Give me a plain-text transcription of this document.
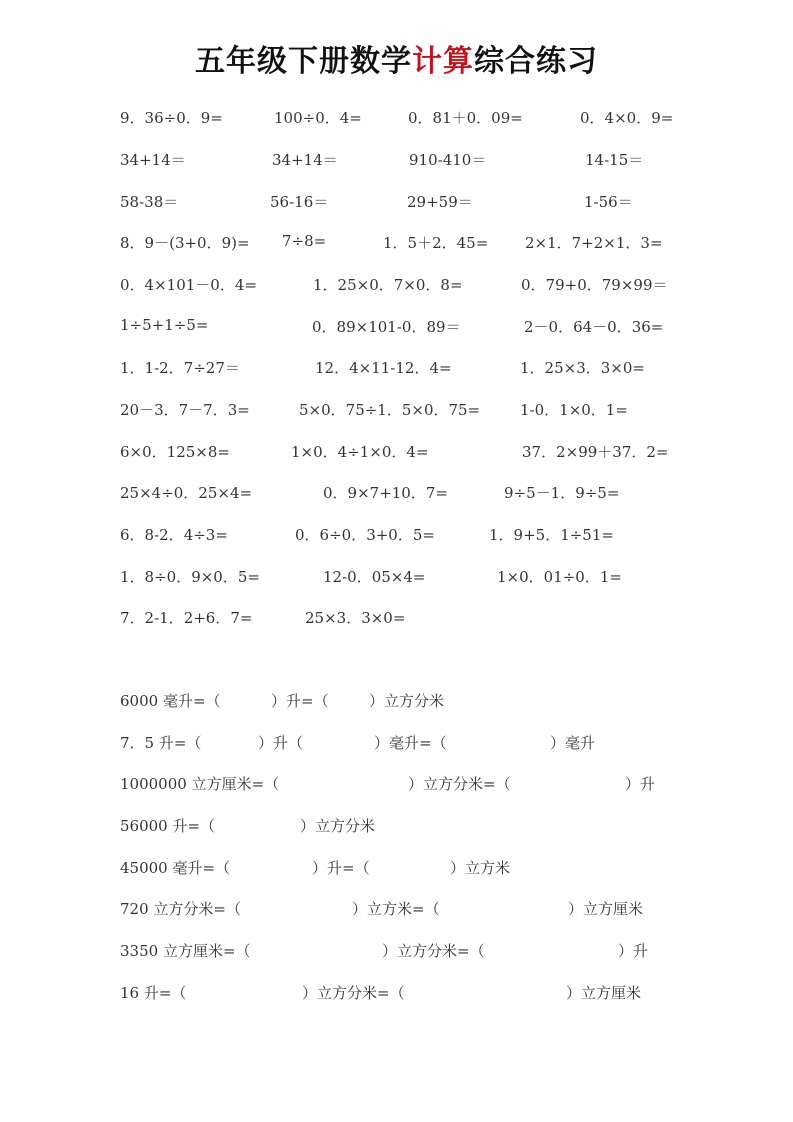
五年级下册数学计算综合练习
9．36÷0．9=	100÷0．4=	0．81＋0．09=	0．4×0．9=
34+14＝	34+14＝	910-410＝	14-15＝
58-38＝	56-16＝	29+59＝	1-56＝
8．9－(3+0．9)= 7÷8=	1．5＋2．45= 2×1．7+2×1．3=
0．4×101－0．4=	1．25×0．7×0．8=	0．79+0．79×99＝
1÷5+1÷5=	0．89×101-0．89＝	2－0．64－0．36=
1．1-2．7÷27＝	12．4×11-12．4=	1．25×3．3×0=
20－3．7－7．3=	5×0．75÷1．5×0．75=	1-0．1×0．1=
6×0．125×8=	1×0．4÷1×0．4=	37．2×99＋37．2=
25×4÷0．25×4=	0．9×7+10．7=	9÷5－1．9÷5=
6．8-2．4÷3=	0．6÷0．3+0．5=	1．9+5．1÷51=
1．8÷0．9×0．5=	12-0．05×4=	1×0．01÷0．1=
7．2-1．2+6．7=	25×3．3×0=
6000 毫升=（	）升=（	）立方分米
7．5 升=（	）升（	）毫升=（	）毫升
1000000 立方厘米=（	）立方分米=（	）升
56000 升=（	）立方分米
45000 毫升=（	）升=（	）立方米
720 立方分米=（	）立方米=（	）立方厘米
3350 立方厘米=（	）立方分米=（	）升
16 升=（	）立方分米=（	）立方厘米
